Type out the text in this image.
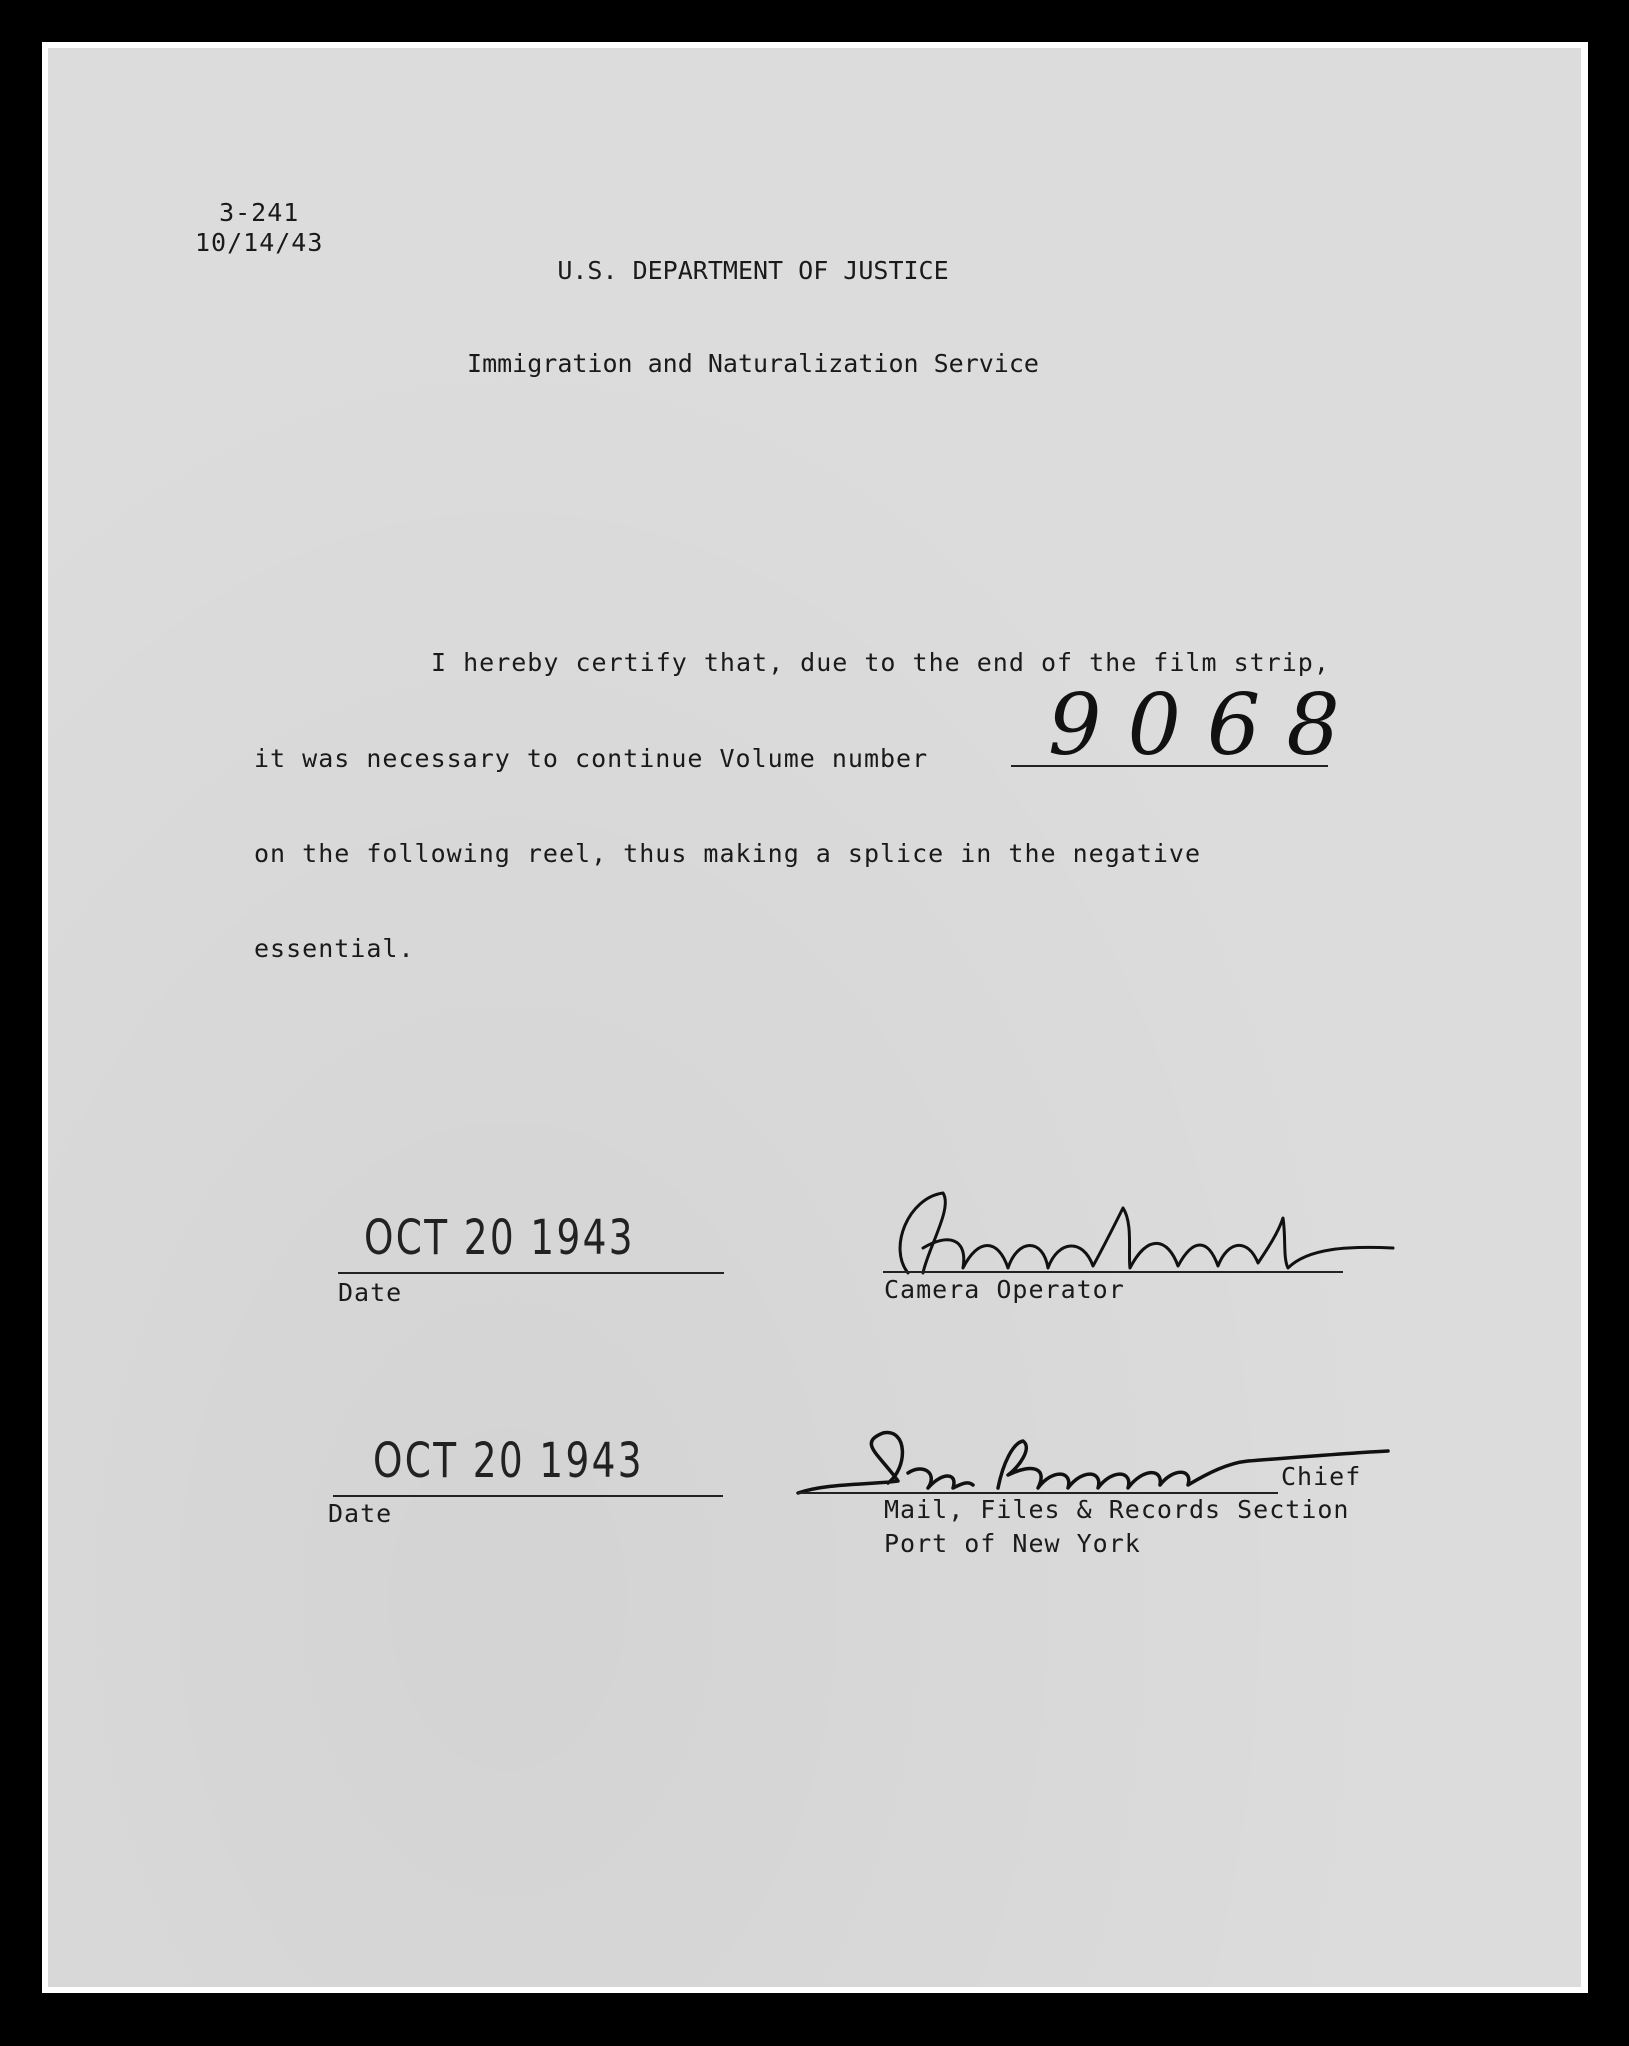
3-241
10/14/43

U.S. DEPARTMENT OF JUSTICE

Immigration and Naturalization Service

I hereby certify that, due to the end of the film strip,
it was necessary to continue Volume number 9068
on the following reel, thus making a splice in the negative
essential.
OCT 20 1943
Date	Camera Operator
OCT 20 1943
Date
Chief
Mail, Files & Records Section
Port of New York
